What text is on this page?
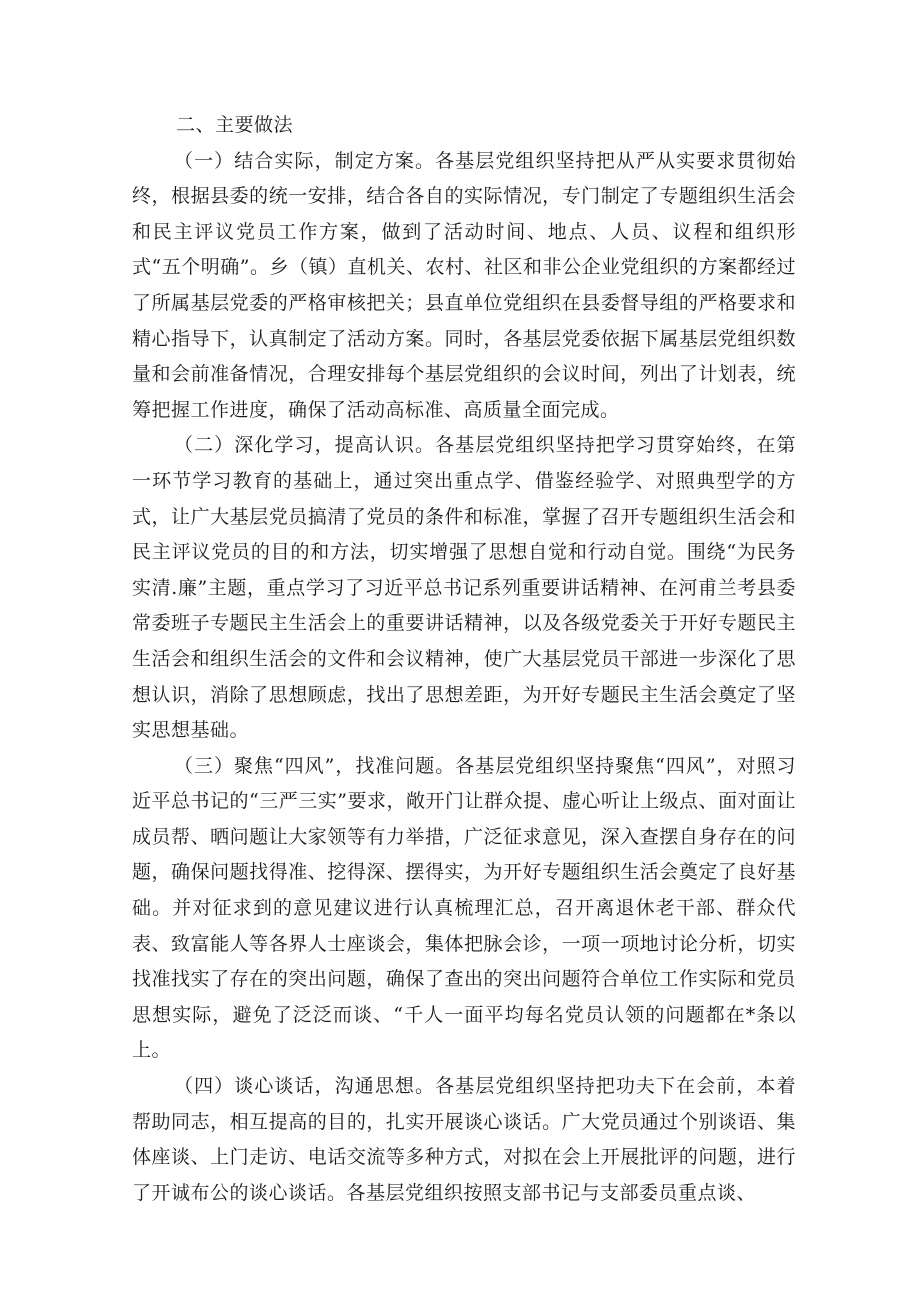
二、主要做法

（一）结合实际，制定方案。各基层党组织坚持把从严从实要求贯彻始终，根据县委的统一安排，结合各自的实际情况，专门制定了专题组织生活会和民主评议党员工作方案，做到了活动时间、地点、人员、议程和组织形式“五个明确”。乡（镇）直机关、农村、社区和非公企业党组织的方案都经过了所属基层党委的严格审核把关；县直单位党组织在县委督导组的严格要求和精心指导下，认真制定了活动方案。同时，各基层党委依据下属基层党组织数量和会前准备情况，合理安排每个基层党组织的会议时间，列出了计划表，统筹把握工作进度，确保了活动高标准、高质量全面完成。

（二）深化学习，提高认识。各基层党组织坚持把学习贯穿始终，在第一环节学习教育的基础上，通过突出重点学、借鉴经验学、对照典型学的方式，让广大基层党员搞清了党员的条件和标准，掌握了召开专题组织生活会和民主评议党员的目的和方法，切实增强了思想自觉和行动自觉。围绕“为民务实清.廉”主题，重点学习了习近平总书记系列重要讲话精神、在河甫兰考县委常委班子专题民主生活会上的重要讲话精神，以及各级党委关于开好专题民主生活会和组织生活会的文件和会议精神，使广大基层党员干部进一步深化了思想认识，消除了思想顾虑，找出了思想差距，为开好专题民主生活会奠定了坚实思想基础。

（三）聚焦“四风”，找准问题。各基层党组织坚持聚焦“四风”，对照习近平总书记的“三严三实”要求，敞开门让群众提、虚心听让上级点、面对面让成员帮、晒问题让大家领等有力举措，广泛征求意见，深入查摆自身存在的问题，确保问题找得准、挖得深、摆得实，为开好专题组织生活会奠定了良好基础。并对征求到的意见建议进行认真梳理汇总，召开离退休老干部、群众代表、致富能人等各界人士座谈会，集体把脉会诊，一项一项地讨论分析，切实找准找实了存在的突出问题，确保了查出的突出问题符合单位工作实际和党员思想实际，避免了泛泛而谈、“千人一面平均每名党员认领的问题都在*条以上。

（四）谈心谈话，沟通思想。各基层党组织坚持把功夫下在会前，本着帮助同志，相互提高的目的，扎实开展谈心谈话。广大党员通过个别谈语、集体座谈、上门走访、电话交流等多种方式，对拟在会上开展批评的问题，进行了开诚布公的谈心谈话。各基层党组织按照支部书记与支部委员重点谈、
